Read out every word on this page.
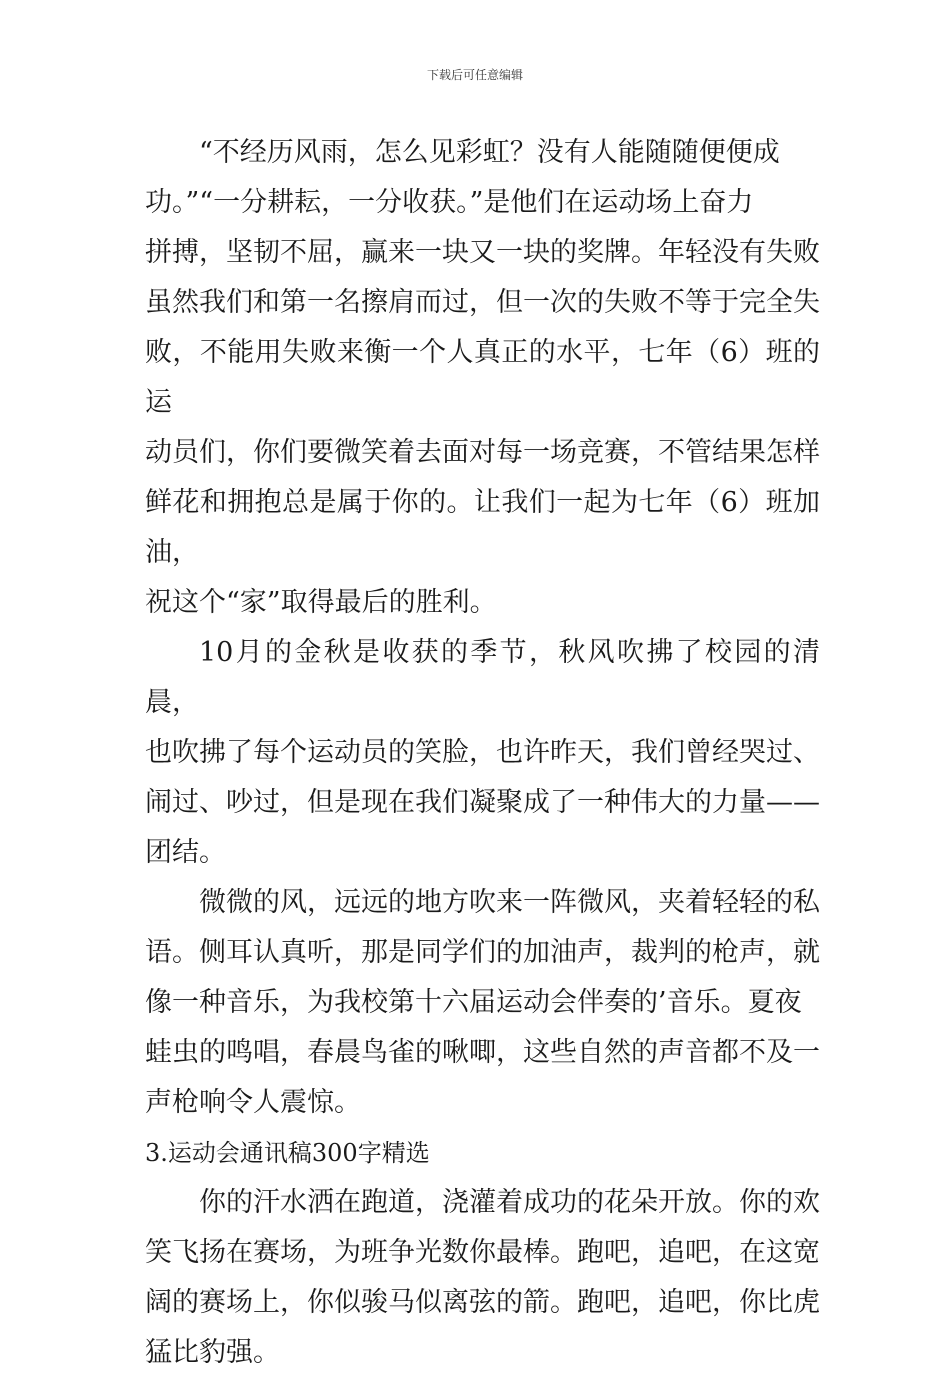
下载后可任意编辑

“不经历风雨，怎么见彩虹？没有人能随随便便成
功。”“一分耕耘，一分收获。”是他们在运动场上奋力
拼搏，坚韧不屈，赢来一块又一块的奖牌。年轻没有失败
虽然我们和第一名擦肩而过，但一次的失败不等于完全失
败，不能用失败来衡一个人真正的水平，七年（6）班的运
动员们，你们要微笑着去面对每一场竞赛，不管结果怎样
鲜花和拥抱总是属于你的。让我们一起为七年（6）班加油，
祝这个“家”取得最后的胜利。

10月的金秋是收获的季节，秋风吹拂了校园的清晨，
也吹拂了每个运动员的笑脸，也许昨天，我们曾经哭过、
闹过、吵过，但是现在我们凝聚成了一种伟大的力量——
团结。

微微的风，远远的地方吹来一阵微风，夹着轻轻的私
语。侧耳认真听，那是同学们的加油声，裁判的枪声，就
像一种音乐，为我校第十六届运动会伴奏的’音乐。夏夜
蛙虫的鸣唱，春晨鸟雀的啾唧，这些自然的声音都不及一
声枪响令人震惊。

3.运动会通讯稿300字精选

你的汗水洒在跑道，浇灌着成功的花朵开放。你的欢
笑飞扬在赛场，为班争光数你最棒。跑吧，追吧，在这宽
阔的赛场上，你似骏马似离弦的箭。跑吧，追吧，你比虎
猛比豹强。
